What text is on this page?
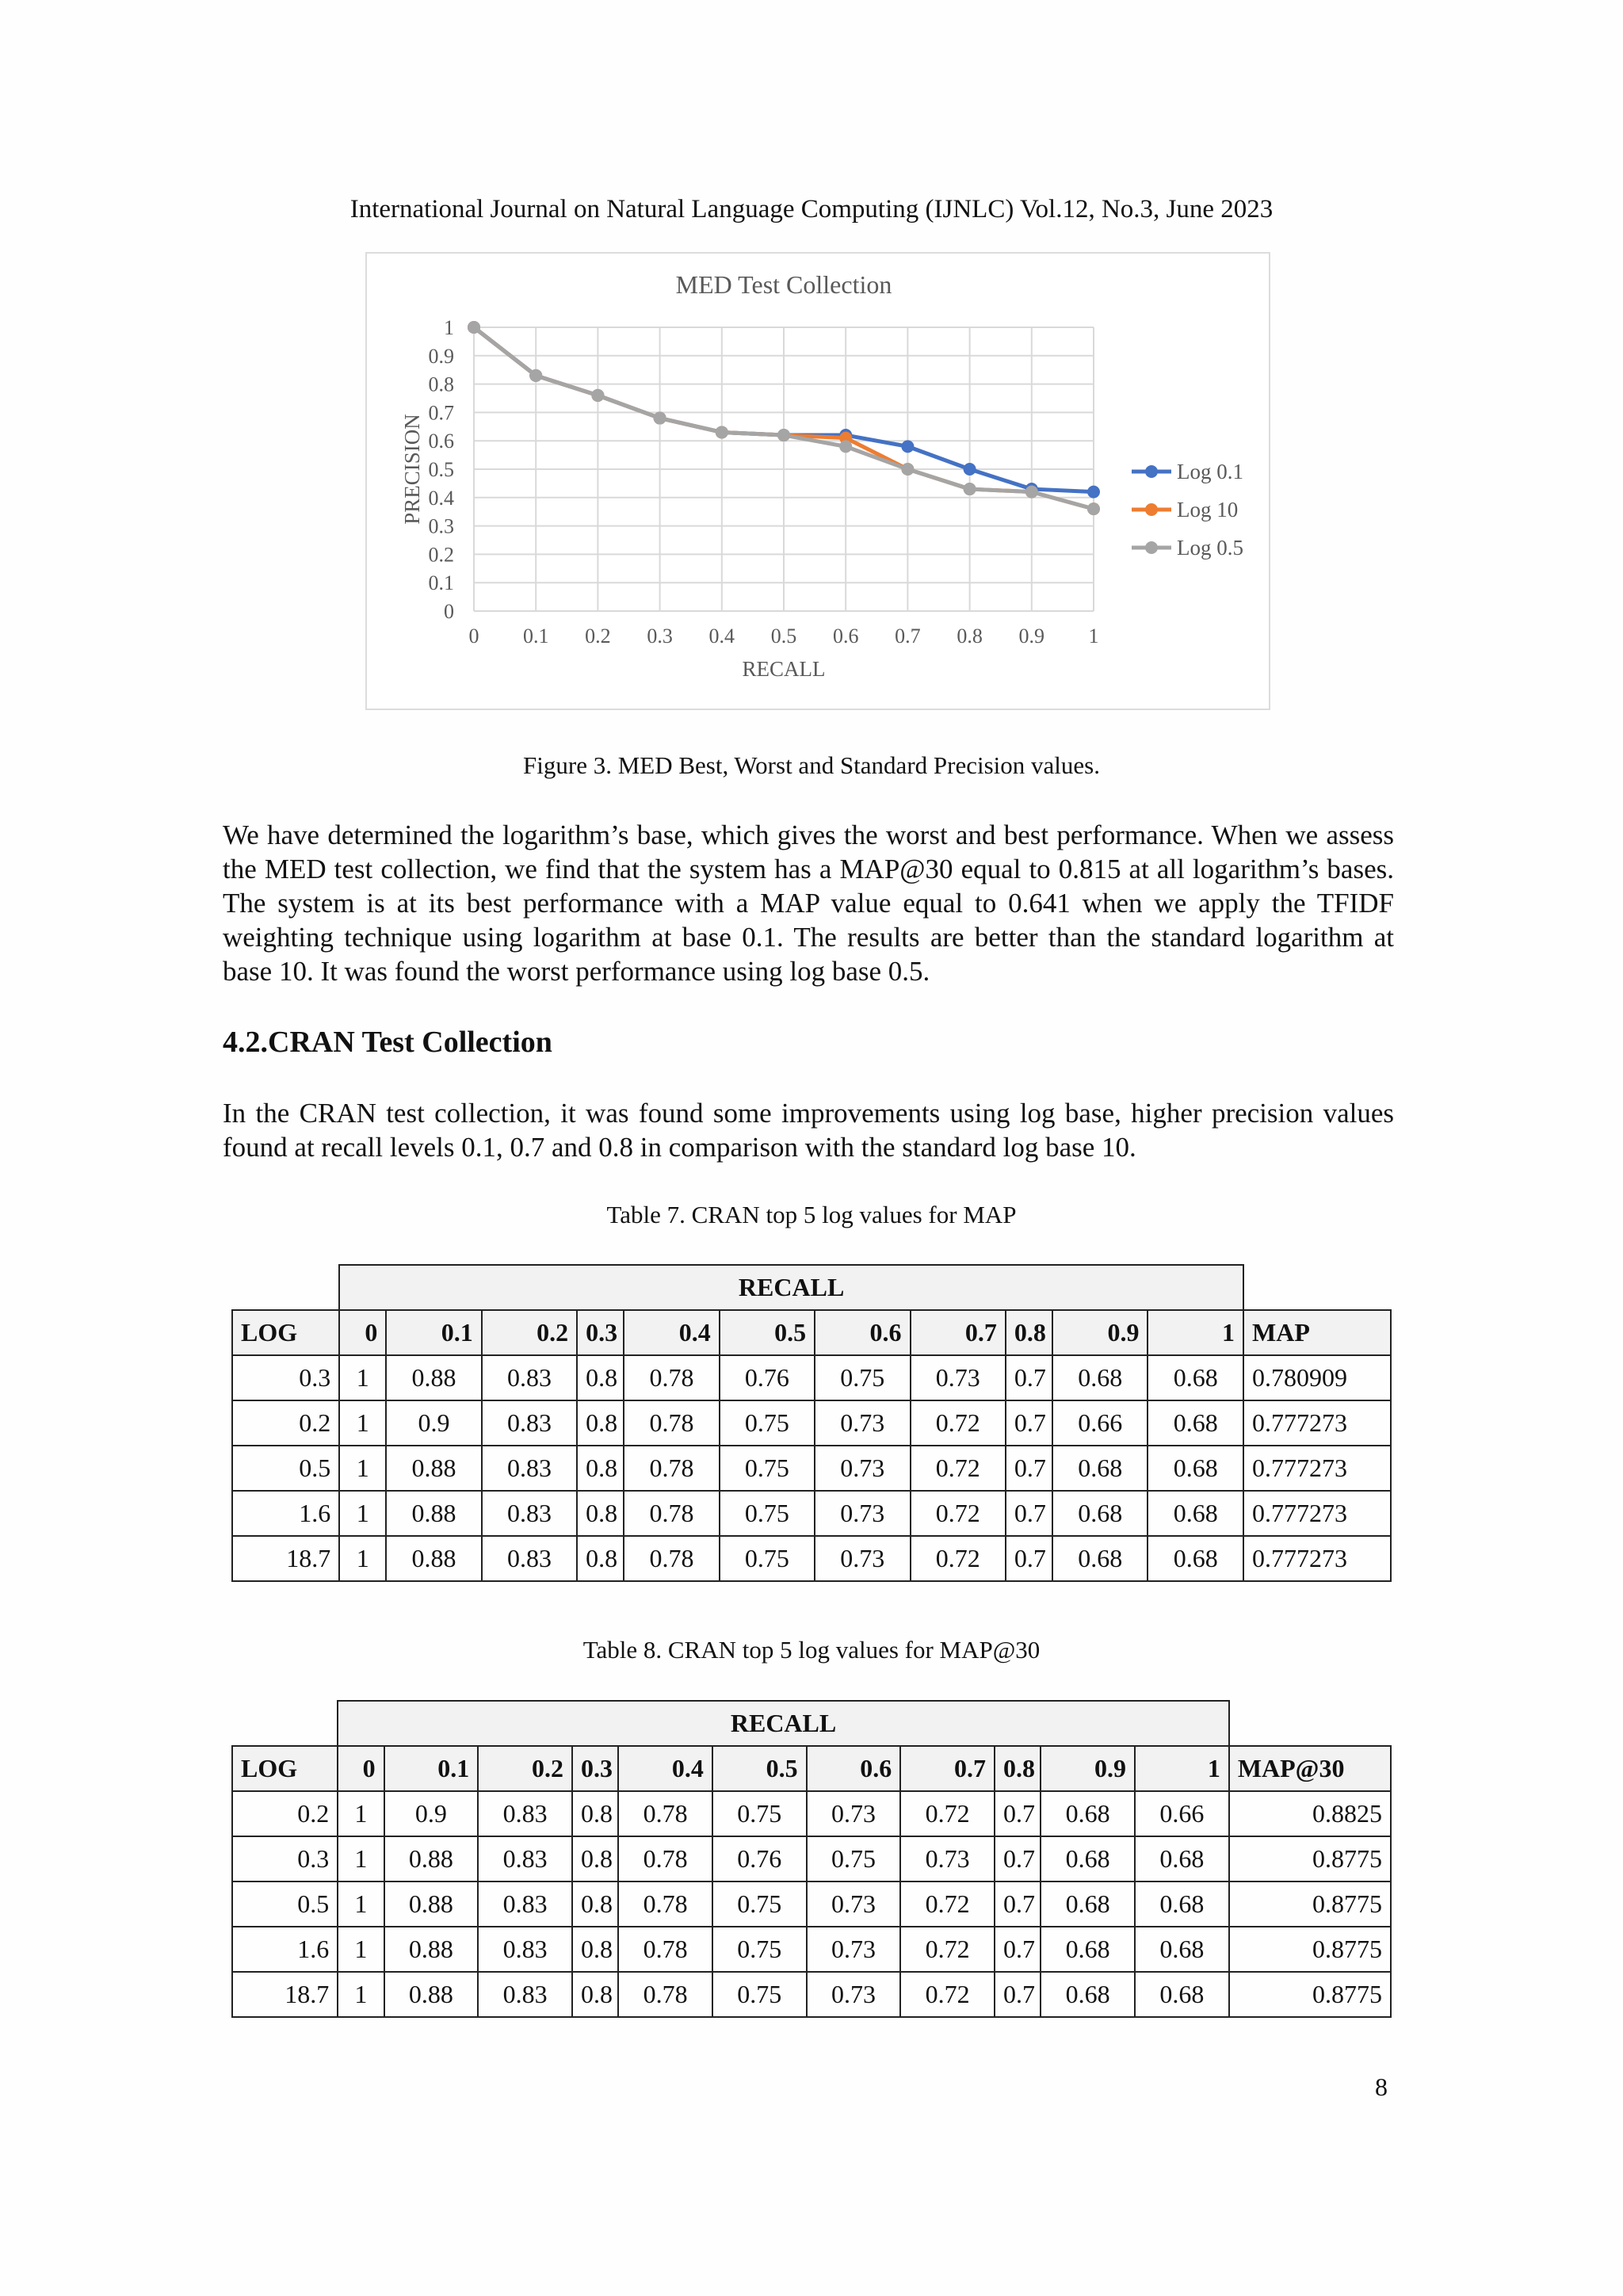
International Journal on Natural Language Computing (IJNLC) Vol.12, No.3, June 2023
0
0.1
0.2
0.3
0.4
0.5
0.6
0.7
0.8
0.9
1
0 0.1 0.2 0.3 0.4 0.5 0.6 0.7 0.8 0.9 1
MED Test Collection
RECALL
PRECISION	Log 0.1
Log 10
Log 0.5
Figure 3. MED Best, Worst and Standard Precision values.
We have determined the logarithm’s base, which gives the worst and best performance. When we assess the MED test collection, we find that the system has a MAP@30 equal to 0.815 at all logarithm’s bases. The system is at its best performance with a MAP value equal to 0.641 when we apply the TFIDF weighting technique using logarithm at base 0.1. The results are better than the standard logarithm at base 10. It was found the worst performance using log base 0.5.
4.2.CRAN Test Collection
In the CRAN test collection, it was found some improvements using log base, higher precision values found at recall levels 0.1, 0.7 and 0.8 in comparison with the standard log base 10.
Table 7. CRAN top 5 log values for MAP
	RECALL											
LOG	0	0.1	0.2	0.3	0.4	0.5	0.6	0.7	0.8	0.9	1	MAP
0.3	1	0.88	0.83	0.8	0.78	0.76	0.75	0.73	0.7	0.68	0.68	0.780909
0.2	1	0.9	0.83	0.8	0.78	0.75	0.73	0.72	0.7	0.66	0.68	0.777273
0.5	1	0.88	0.83	0.8	0.78	0.75	0.73	0.72	0.7	0.68	0.68	0.777273
1.6	1	0.88	0.83	0.8	0.78	0.75	0.73	0.72	0.7	0.68	0.68	0.777273
18.7	1	0.88	0.83	0.8	0.78	0.75	0.73	0.72	0.7	0.68	0.68	0.777273
Table 8. CRAN top 5 log values for MAP@30
	RECALL											
LOG	0	0.1	0.2	0.3	0.4	0.5	0.6	0.7	0.8	0.9	1	MAP@30
0.2	1	0.9	0.83	0.8	0.78	0.75	0.73	0.72	0.7	0.68	0.66	0.8825
0.3	1	0.88	0.83	0.8	0.78	0.76	0.75	0.73	0.7	0.68	0.68	0.8775
0.5	1	0.88	0.83	0.8	0.78	0.75	0.73	0.72	0.7	0.68	0.68	0.8775
1.6	1	0.88	0.83	0.8	0.78	0.75	0.73	0.72	0.7	0.68	0.68	0.8775
18.7	1	0.88	0.83	0.8	0.78	0.75	0.73	0.72	0.7	0.68	0.68	0.8775
8
